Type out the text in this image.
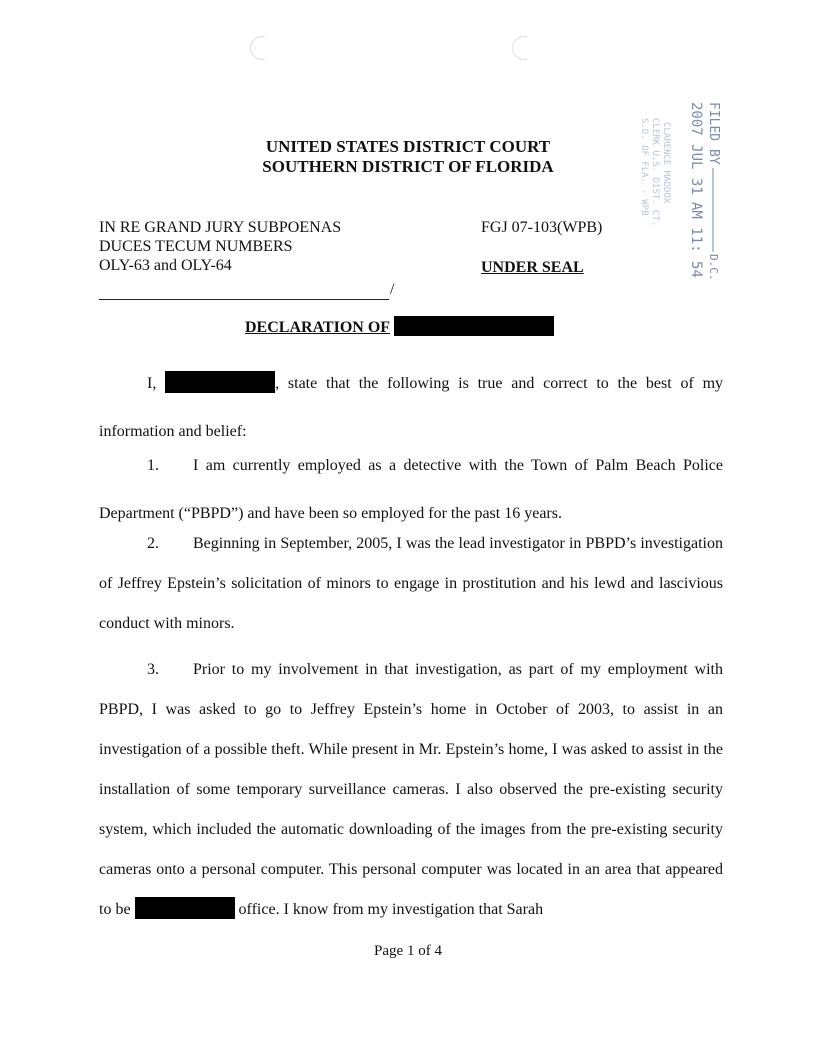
UNITED STATES DISTRICT COURT
SOUTHERN DISTRICT OF FLORIDA
FILED BY
D.C.
2007 JUL 31
AM 11: 54
CLARENCE MADDOX
CLERK U.S. DIST. CT.
S.D. OF FLA. - WPB
IN RE GRAND JURY SUBPOENAS
DUCES TECUM NUMBERS
OLY-63 and OLY-64
FGJ 07-103(WPB)
UNDER SEAL
/
DECLARATION OF
I,	, state that the following is true and correct to the best of my information and belief:
1. I am currently employed as a detective with the Town of Palm Beach Police Department (“PBPD”) and have been so employed for the past 16 years.
2. Beginning in September, 2005, I was the lead investigator in PBPD’s investigation of Jeffrey Epstein’s solicitation of minors to engage in prostitution and his lewd and lascivious conduct with minors.
3. Prior to my involvement in that investigation, as part of my employment with PBPD, I was asked to go to Jeffrey Epstein’s home in October of 2003, to assist in an investigation of a possible theft. While present in Mr. Epstein’s home, I was asked to assist in the installation of some temporary surveillance cameras. I also observed the pre-existing security system, which included the automatic downloading of the images from the pre-existing security cameras onto a personal computer. This personal computer was located in an area that appeared to be	office. I know from my investigation that Sarah
Page 1 of 4
